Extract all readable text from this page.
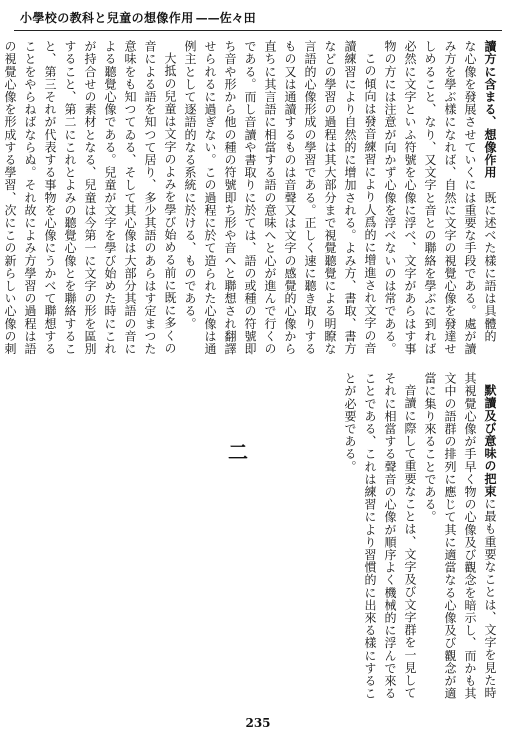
小學校の教科と兒童の想像作用 ——佐々田

讀方に含まる、想像作用　既に述べた樣に語は具體的な心像を發展させていくには重要な手段である。處が讀み方を學ぶ樣になれば、自然に文字の視覺心像を發達せしめること、なり、又文字と音との聯絡を學ぶに到れば必然に文字といふ符號を心像に浮べ、文字があらはす事物の方には注意が向かず心像を浮べないのは常である。

この傾向は發音練習により人爲的に增進され文字の音讀練習により自然的に增加される。よみ方、書取、書方などの學習の過程は其大部分まで視覺聽覺による明瞭な言語的心像形成の學習である。正しく速に聽き取りするもの又は通讀するものは音聲又は文字の感覺的心像から直ちに其言語に相當する語の意味へと心が進んで行くのである。而し音讀や書取りに於ては、語の或種の符號即ち音や形から他の種の符號即ち形や音へと聯想され翻譯せられるに過ぎない。この過程に於て造られた心像は通例主として逐語的なる系統に於ける、ものである。

大抵の兒童は文字のよみを學び始める前に既に多くの音による語を知つて居り、多少其語のあらはす定まつた意味をも知つてゐる、そして其心像は大部分其語の音による聽覺心像である。兒童が文字を學び始めた時にこれが持合せの素材となる、兒童は今第一に文字の形を區別すること、第二にこれとよみの聽覺心像とを聯絡すること、第三それが代表する事物を心像にうかべて聯想することをやらねばならぬ。それ故によみ方學習の過程は語の視覺心像を形成する學習、次にこの新らしい心像の刺

二	默讀及び意味の把束に最も重要なことは、文字を見た時其視覺心像が手早く物の心像及び觀念を暗示し、而かも其文中の語群の排列に應じて其に適當なる心像及び觀念が適當に集り來ることである。

音讀に際して重要なことは、文字及び文字群を一見してそれに相當する聲音の心像が順序よく機械的に浮んで來ることである、これは練習により習慣的に出來る樣にすることが必要である。

235
